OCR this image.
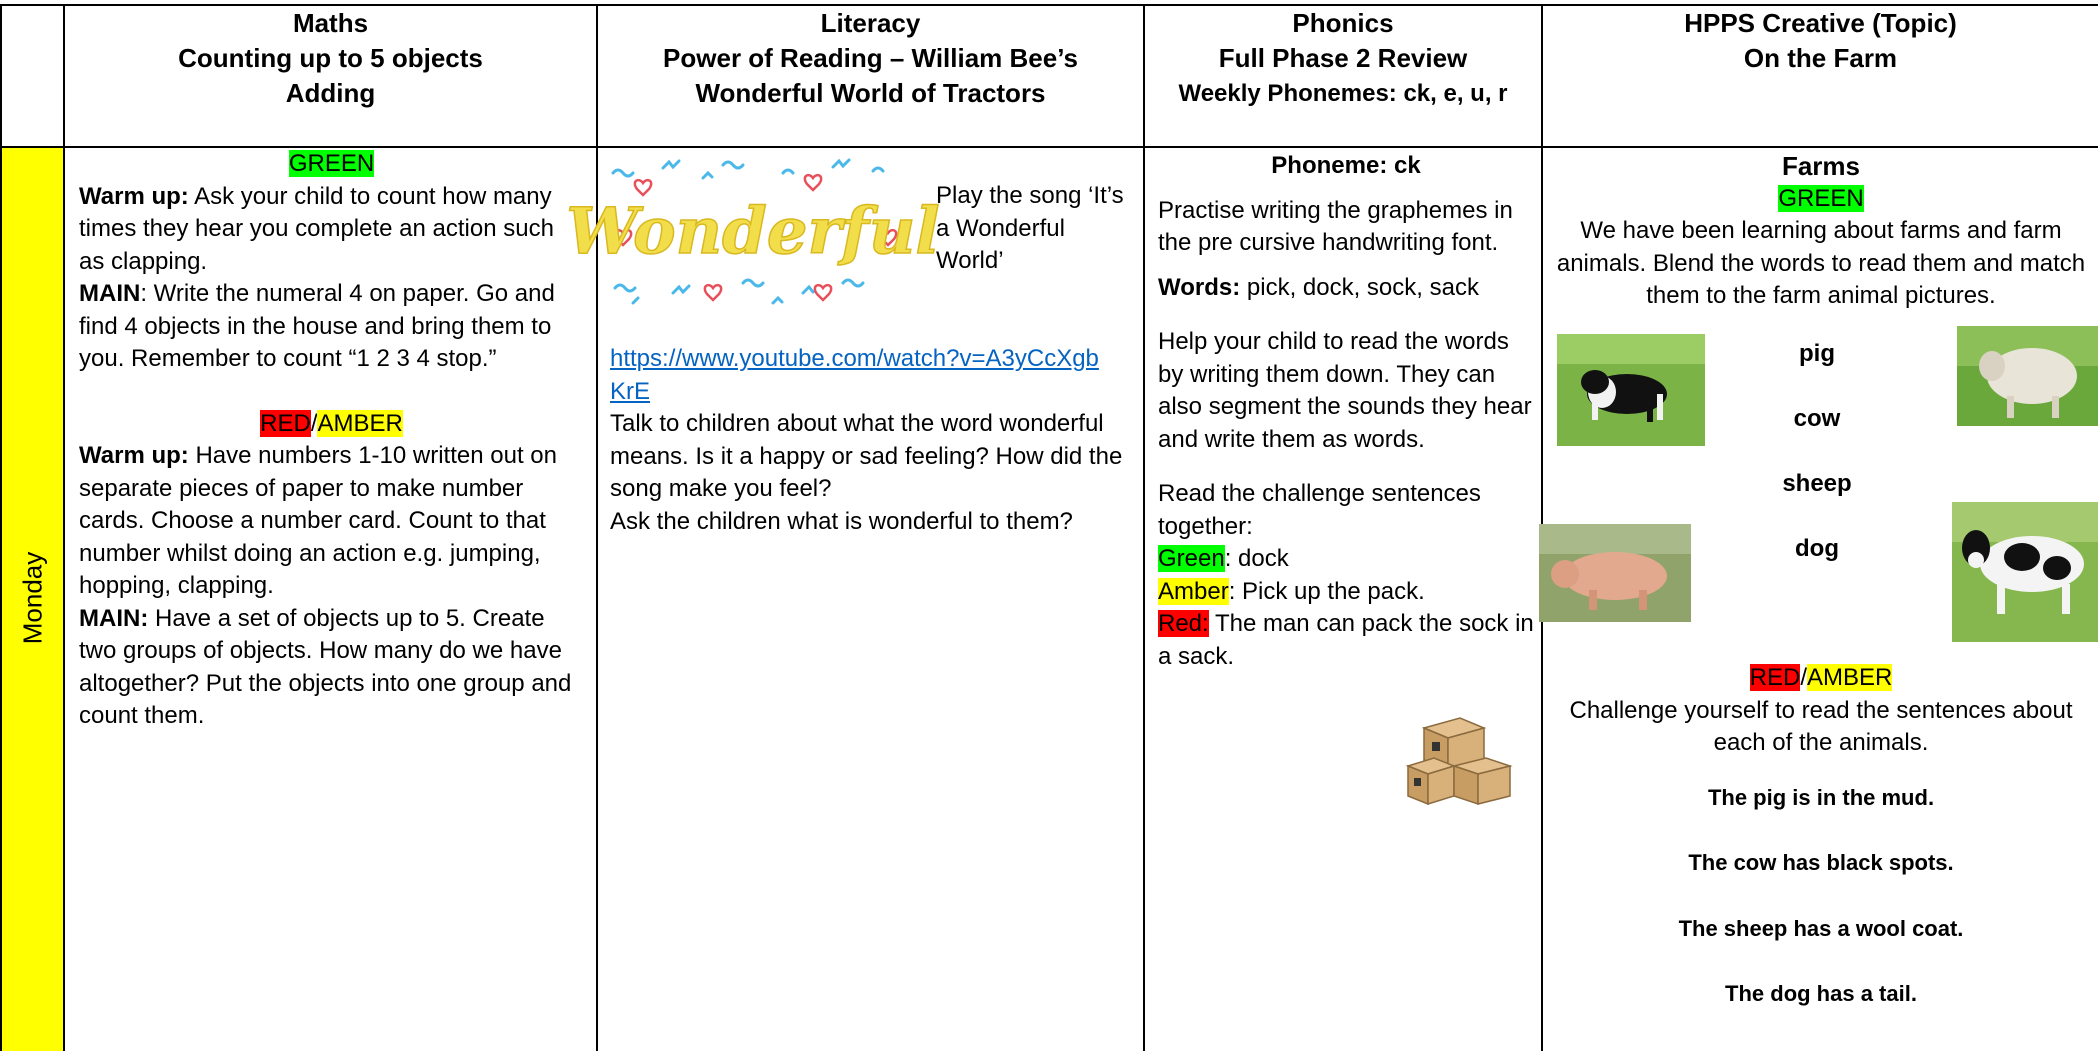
Monday
Maths
Counting up to 5 objects
Adding
Literacy
Power of Reading – William Bee’s
Wonderful World of Tractors
Phonics
Full Phase 2 Review
Weekly Phonemes: ck, e, u, r
HPPS Creative (Topic)
On the Farm
GREEN
Warm up: Ask your child to count how many times they hear you complete an action such as clapping.
MAIN: Write the numeral 4 on paper. Go and find 4 objects in the house and bring them to you. Remember to count “1 2 3 4 stop.”
RED/AMBER
Warm up: Have numbers 1-10 written out on separate pieces of paper to make number cards. Choose a number card. Count to that number whilst doing an action e.g. jumping, hopping, clapping.
MAIN: Have a set of objects up to 5. Create two groups of objects. How many do we have altogether? Put the objects into one group and count them.
Wonderful
Play the song ‘It’s a Wonderful World’
https://www.youtube.com/watch?v=A3yCcXgb
KrE
Talk to children about what the word wonderful means. Is it a happy or sad feeling? How did the song make you feel?
Ask the children what is wonderful to them?
Phoneme: ck
Practise writing the graphemes in the pre cursive handwriting font.
Words: pick, dock, sock, sack
Help your child to read the words by writing them down. They can also segment the sounds they hear and write them as words.
Read the challenge sentences together:
Green: dock
Amber: Pick up the pack.
Red: The man can pack the sock in a sack.
Farms
GREEN
We have been learning about farms and farm animals. Blend the words to read them and match them to the farm animal pictures.
pig
cow
sheep
dog
RED/AMBER
Challenge yourself to read the sentences about each of the animals.
The pig is in the mud.
The cow has black spots.
The sheep has a wool coat.
The dog has a tail.
